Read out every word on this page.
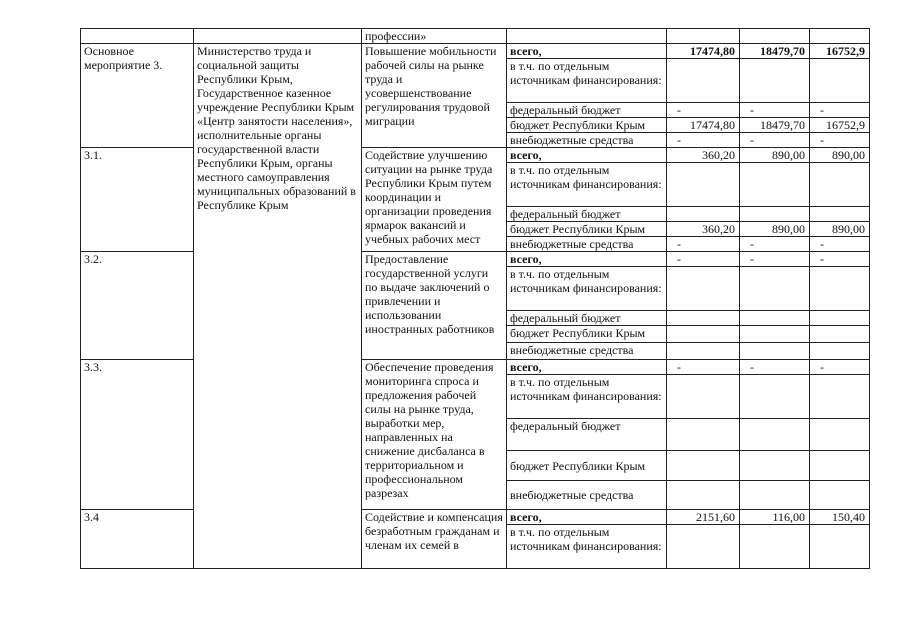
		профессии»				
Основное мероприятие 3.	Министерство труда и социальной защиты Республики Крым, Государственное казенное учреждение Республики Крым «Центр занятости населения», исполнительные органы государственной власти Республики Крым, органы местного самоуправления муниципальных образований в Республике Крым	Повышение мобильности рабочей силы на рынке труда и усовершенствование регулирования трудовой миграции	всего,	17474,80	18479,70	16752,9
			в т.ч. по отдельным источникам финансирования:			
			федеральный бюджет	-	-	-
			бюджет Республики Крым	17474,80	18479,70	16752,9
			внебюджетные средства	-	-	-
3.1.		Содействие улучшению ситуации на рынке труда Республики Крым путем координации и организации проведения ярмарок вакансий и учебных рабочих мест	всего,	360,20	890,00	890,00
			в т.ч. по отдельным источникам финансирования:			
			федеральный бюджет			
			бюджет Республики Крым	360,20	890,00	890,00
			внебюджетные средства	-	-	-
3.2.		Предоставление государственной услуги по выдаче заключений о привлечении и использовании иностранных работников	всего,	-	-	-
			в т.ч. по отдельным источникам финансирования:			
			федеральный бюджет			
			бюджет Республики Крым			
			внебюджетные средства			
3.3.		Обеспечение проведения мониторинга спроса и предложения рабочей силы на рынке труда, выработки мер, направленных на снижение дисбаланса в территориальном и профессиональном разрезах	всего,	-	-	-
			в т.ч. по отдельным источникам финансирования:			
			федеральный бюджет			
			бюджет Республики Крым			
			внебюджетные средства			
3.4		Содействие и компенсация безработным гражданам и членам их семей в	всего,	2151,60	116,00	150,40
			в т.ч. по отдельным источникам финансирования:			
